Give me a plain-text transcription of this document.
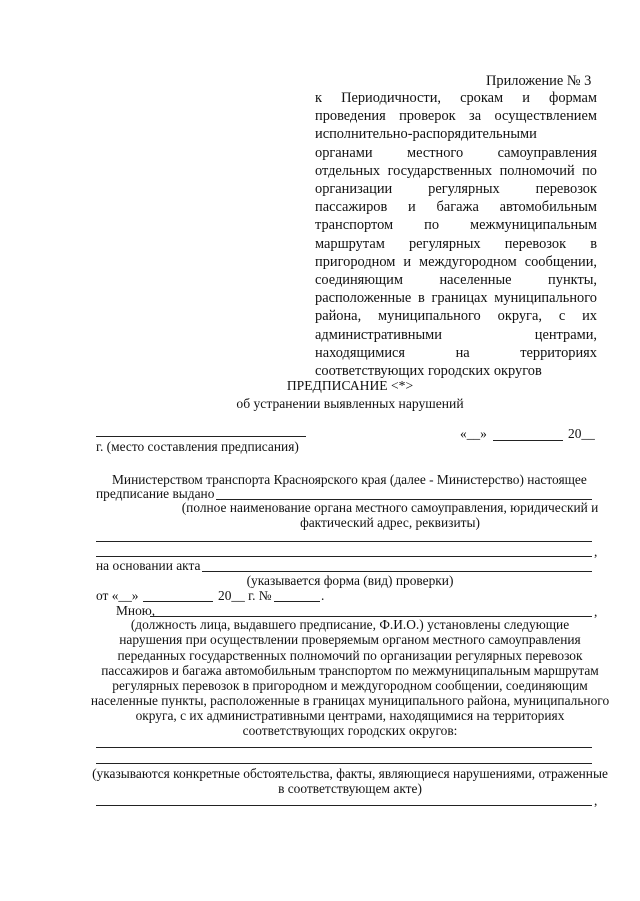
Приложение № 3
к Периодичности, срокам и формам проведения проверок за осуществлением исполнительно-распорядительными органами местного самоуправления отдельных государственных полномочий по организации регулярных перевозок пассажиров и багажа автомобильным транспортом по межмуниципальным маршрутам регулярных перевозок в пригородном и междугородном сообщении, соединяющим населенные пункты, расположенные в границах муниципального района, муниципального округа, с их административными центрами, находящимися на территориях соответствующих городских округов
ПРЕДПИСАНИЕ <*>
об устранении выявленных нарушений
г. (место составления предписания)
«__»	20__
Министерством транспорта Красноярского края (далее - Министерство) настоящее
предписание выдано
(полное наименование органа местного самоуправления, юридический и
фактический адрес, реквизиты)
,
на основании акта
(указывается форма (вид) проверки)
от «__»	20__ г. №	.
Мною,	,
(должность лица, выдавшего предписание, Ф.И.О.) установлены следующие
нарушения при осуществлении проверяемым органом местного самоуправления
переданных государственных полномочий по организации регулярных перевозок
пассажиров и багажа автомобильным транспортом по межмуниципальным маршрутам
регулярных перевозок в пригородном и междугородном сообщении, соединяющим
населенные пункты, расположенные в границах муниципального района, муниципального
округа, с их административными центрами, находящимися на территориях
соответствующих городских округов:
(указываются конкретные обстоятельства, факты, являющиеся нарушениями, отраженные
в соответствующем акте)
,
